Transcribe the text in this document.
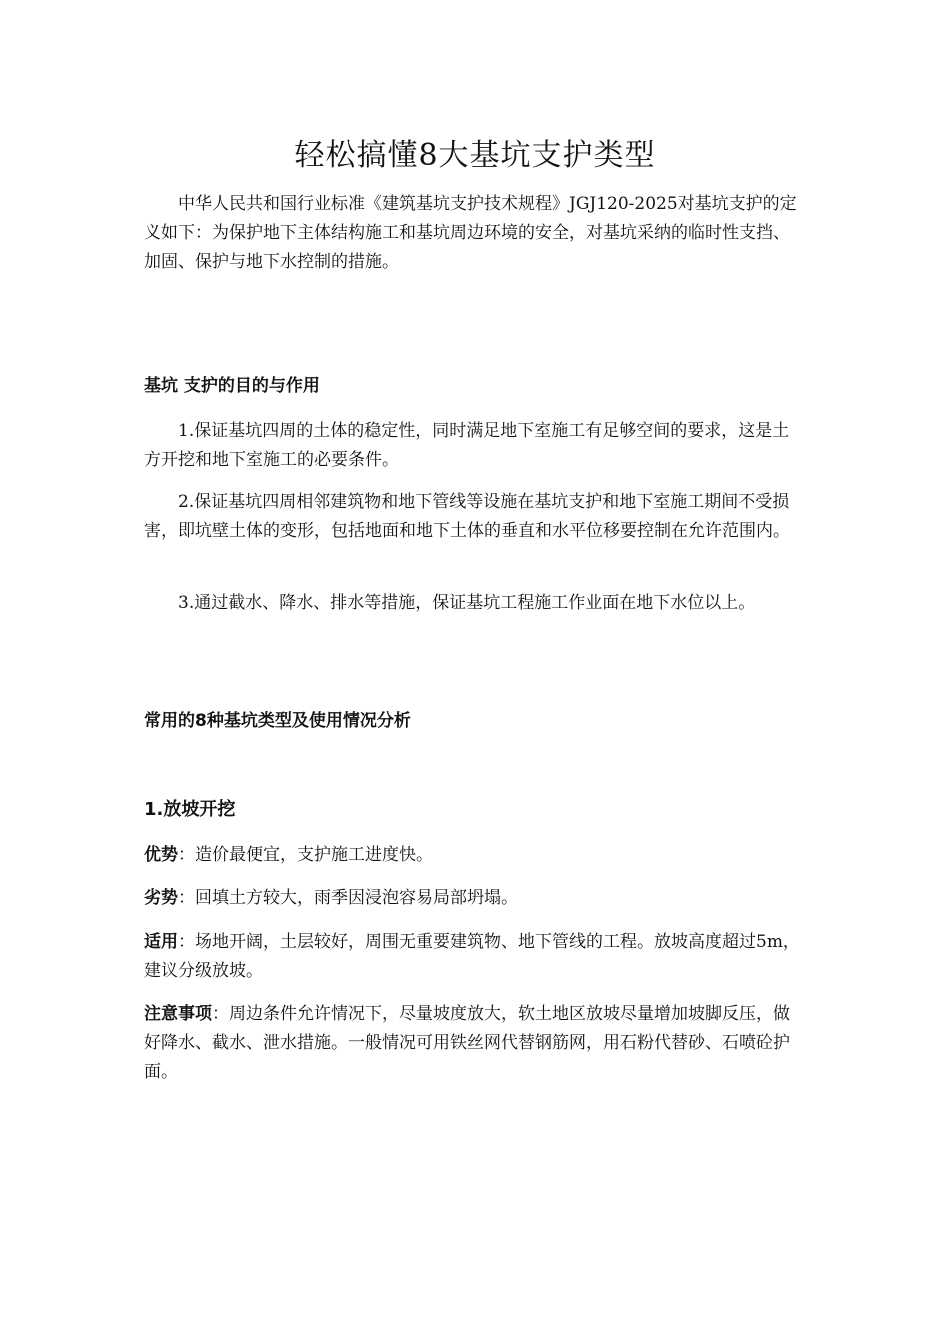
轻松搞懂8大基坑支护类型

中华人民共和国行业标准《建筑基坑支护技术规程》JGJ120-2025对基坑支护的定义如下：为保护地下主体结构施工和基坑周边环境的安全，对基坑采纳的临时性支挡、加固、保护与地下水控制的措施。

基坑 支护的目的与作用

1.保证基坑四周的土体的稳定性，同时满足地下室施工有足够空间的要求，这是土方开挖和地下室施工的必要条件。

2.保证基坑四周相邻建筑物和地下管线等设施在基坑支护和地下室施工期间不受损害，即坑壁土体的变形，包括地面和地下土体的垂直和水平位移要控制在允许范围内。

3.通过截水、降水、排水等措施，保证基坑工程施工作业面在地下水位以上。

常用的8种基坑类型及使用情况分析
1.放坡开挖

优势：造价最便宜，支护施工进度快。

劣势：回填土方较大，雨季因浸泡容易局部坍塌。

适用：场地开阔，土层较好，周围无重要建筑物、地下管线的工程。放坡高度超过5m，建议分级放坡。

注意事项：周边条件允许情况下，尽量坡度放大，软土地区放坡尽量增加坡脚反压，做好降水、截水、泄水措施。一般情况可用铁丝网代替钢筋网，用石粉代替砂、石喷砼护面。
